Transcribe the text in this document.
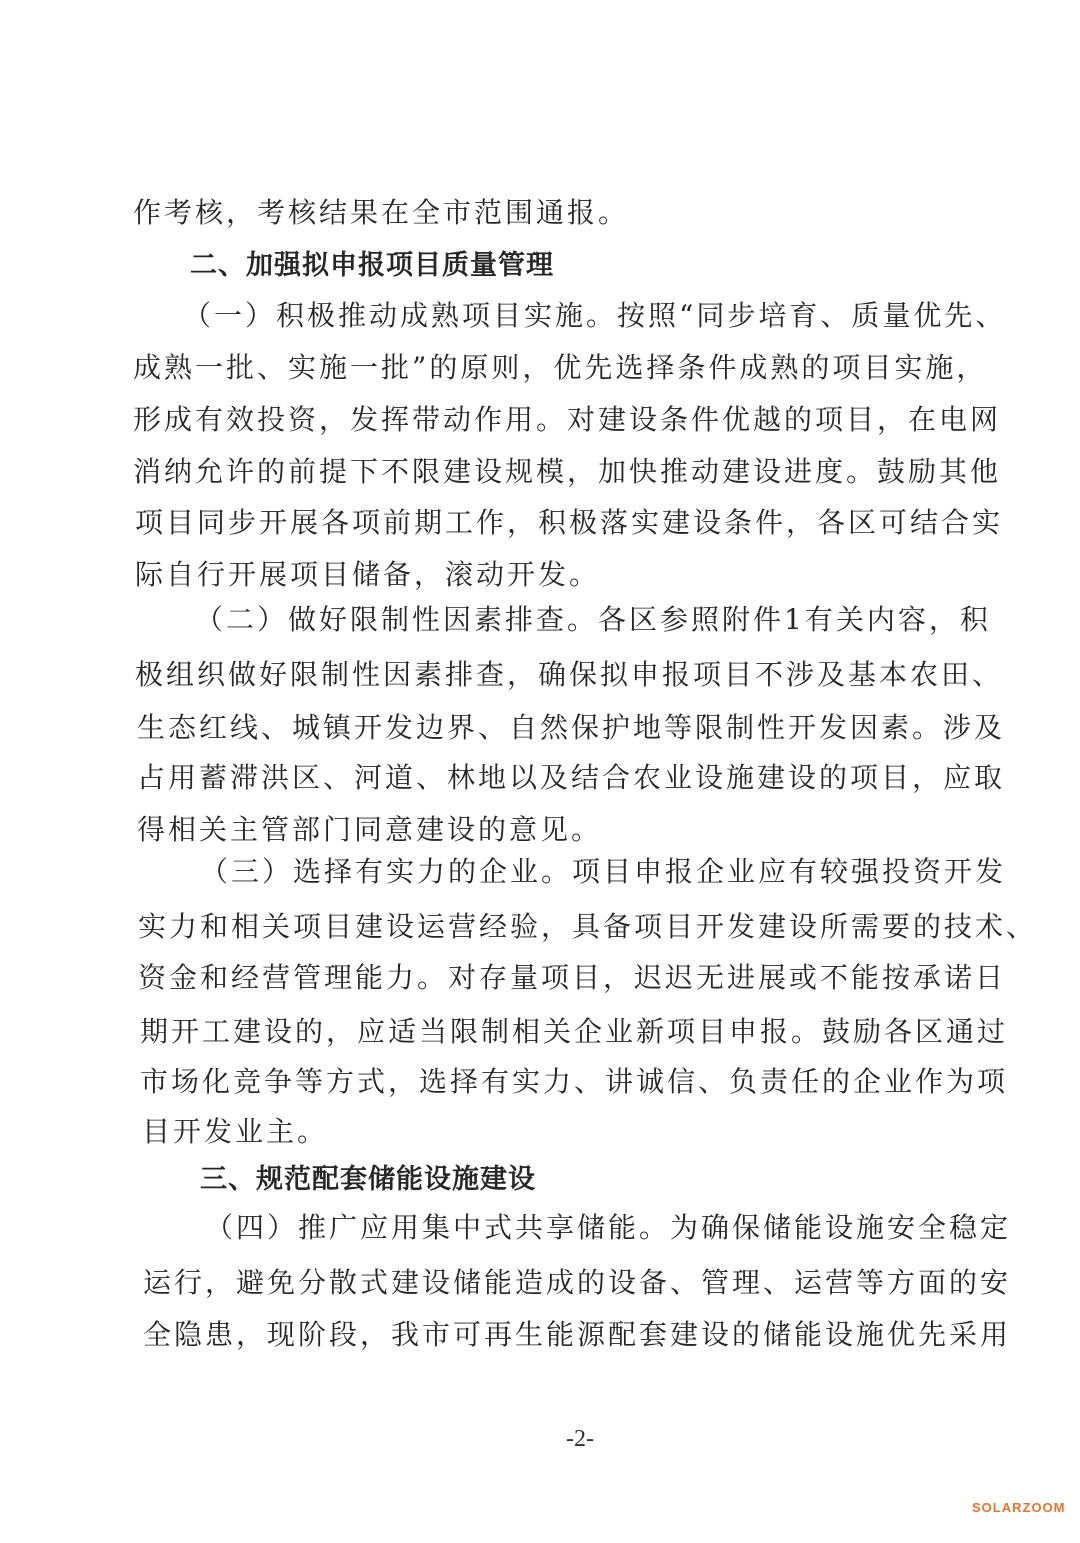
作考核，考核结果在全市范围通报。
二、加强拟申报项目质量管理
（一）积极推动成熟项目实施。按照“同步培育、质量优先、
成熟一批、实施一批”的原则，优先选择条件成熟的项目实施，
形成有效投资，发挥带动作用。对建设条件优越的项目，在电网
消纳允许的前提下不限建设规模，加快推动建设进度。鼓励其他
项目同步开展各项前期工作，积极落实建设条件，各区可结合实
际自行开展项目储备，滚动开发。
（二）做好限制性因素排查。各区参照附件1有关内容，积
极组织做好限制性因素排查，确保拟申报项目不涉及基本农田、
生态红线、城镇开发边界、自然保护地等限制性开发因素。涉及
占用蓄滞洪区、河道、林地以及结合农业设施建设的项目，应取
得相关主管部门同意建设的意见。
（三）选择有实力的企业。项目申报企业应有较强投资开发
实力和相关项目建设运营经验，具备项目开发建设所需要的技术、
资金和经营管理能力。对存量项目，迟迟无进展或不能按承诺日
期开工建设的，应适当限制相关企业新项目申报。鼓励各区通过
市场化竞争等方式，选择有实力、讲诚信、负责任的企业作为项
目开发业主。
三、规范配套储能设施建设
（四）推广应用集中式共享储能。为确保储能设施安全稳定
运行，避免分散式建设储能造成的设备、管理、运营等方面的安
全隐患，现阶段，我市可再生能源配套建设的储能设施优先采用
-2-
SOLARZOOM
